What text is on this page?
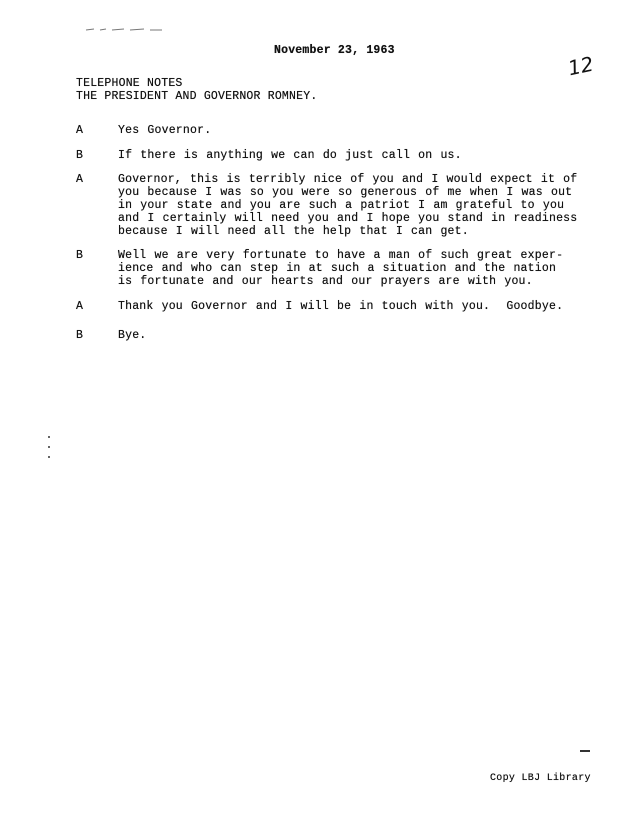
November 23, 1963
12
TELEPHONE NOTES
THE PRESIDENT AND GOVERNOR ROMNEY.
A	Yes Governor.
B	If there is anything we can do just call on us.
A	Governor, this is terribly nice of you and I would expect it of
you because I was so you were so generous of me when I was out
in your state and you are such a patriot I am grateful to you
and I certainly will need you and I hope you stand in readiness
because I will need all the help that I can get.
B	Well we are very fortunate to have a man of such great exper-
ience and who can step in at such a situation and the nation
is fortunate and our hearts and our prayers are with you.
A	Thank you Governor and I will be in touch with you.  Goodbye.
B	Bye.
Copy LBJ Library
